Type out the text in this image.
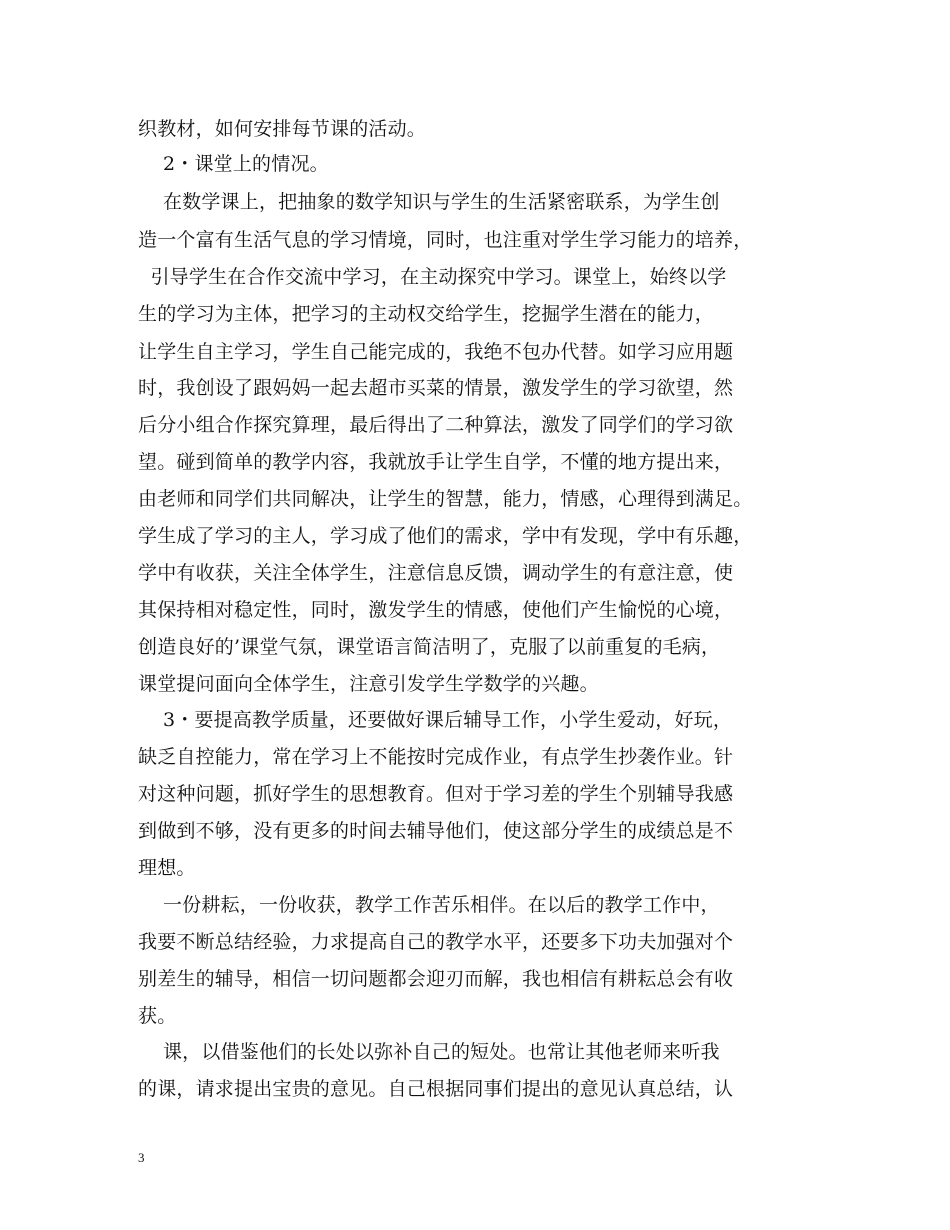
织教材，如何安排每节课的活动。
2・课堂上的情况。
在数学课上，把抽象的数学知识与学生的生活紧密联系，为学生创
造一个富有生活气息的学习情境，同时，也注重对学生学习能力的培养，
引导学生在合作交流中学习，在主动探究中学习。课堂上，始终以学
生的学习为主体，把学习的主动权交给学生，挖掘学生潜在的能力，
让学生自主学习，学生自己能完成的，我绝不包办代替。如学习应用题
时，我创设了跟妈妈一起去超市买菜的情景，激发学生的学习欲望，然
后分小组合作探究算理，最后得出了二种算法，激发了同学们的学习欲
望。碰到简单的教学内容，我就放手让学生自学，不懂的地方提出来，
由老师和同学们共同解决，让学生的智慧，能力，情感，心理得到满足。
学生成了学习的主人，学习成了他们的需求，学中有发现，学中有乐趣，
学中有收获，关注全体学生，注意信息反馈，调动学生的有意注意，使
其保持相对稳定性，同时，激发学生的情感，使他们产生愉悦的心境，
创造良好的’课堂气氛，课堂语言简洁明了，克服了以前重复的毛病，
课堂提问面向全体学生，注意引发学生学数学的兴趣。
3・要提高教学质量，还要做好课后辅导工作，小学生爱动，好玩，
缺乏自控能力，常在学习上不能按时完成作业，有点学生抄袭作业。针
对这种问题，抓好学生的思想教育。但对于学习差的学生个别辅导我感
到做到不够，没有更多的时间去辅导他们，使这部分学生的成绩总是不
理想。
一份耕耘，一份收获，教学工作苦乐相伴。在以后的教学工作中，
我要不断总结经验，力求提高自己的教学水平，还要多下功夫加强对个
别差生的辅导，相信一切问题都会迎刃而解，我也相信有耕耘总会有收
获。
课，以借鉴他们的长处以弥补自己的短处。也常让其他老师来听我
的课，请求提出宝贵的意见。自己根据同事们提出的意见认真总结，认
3
